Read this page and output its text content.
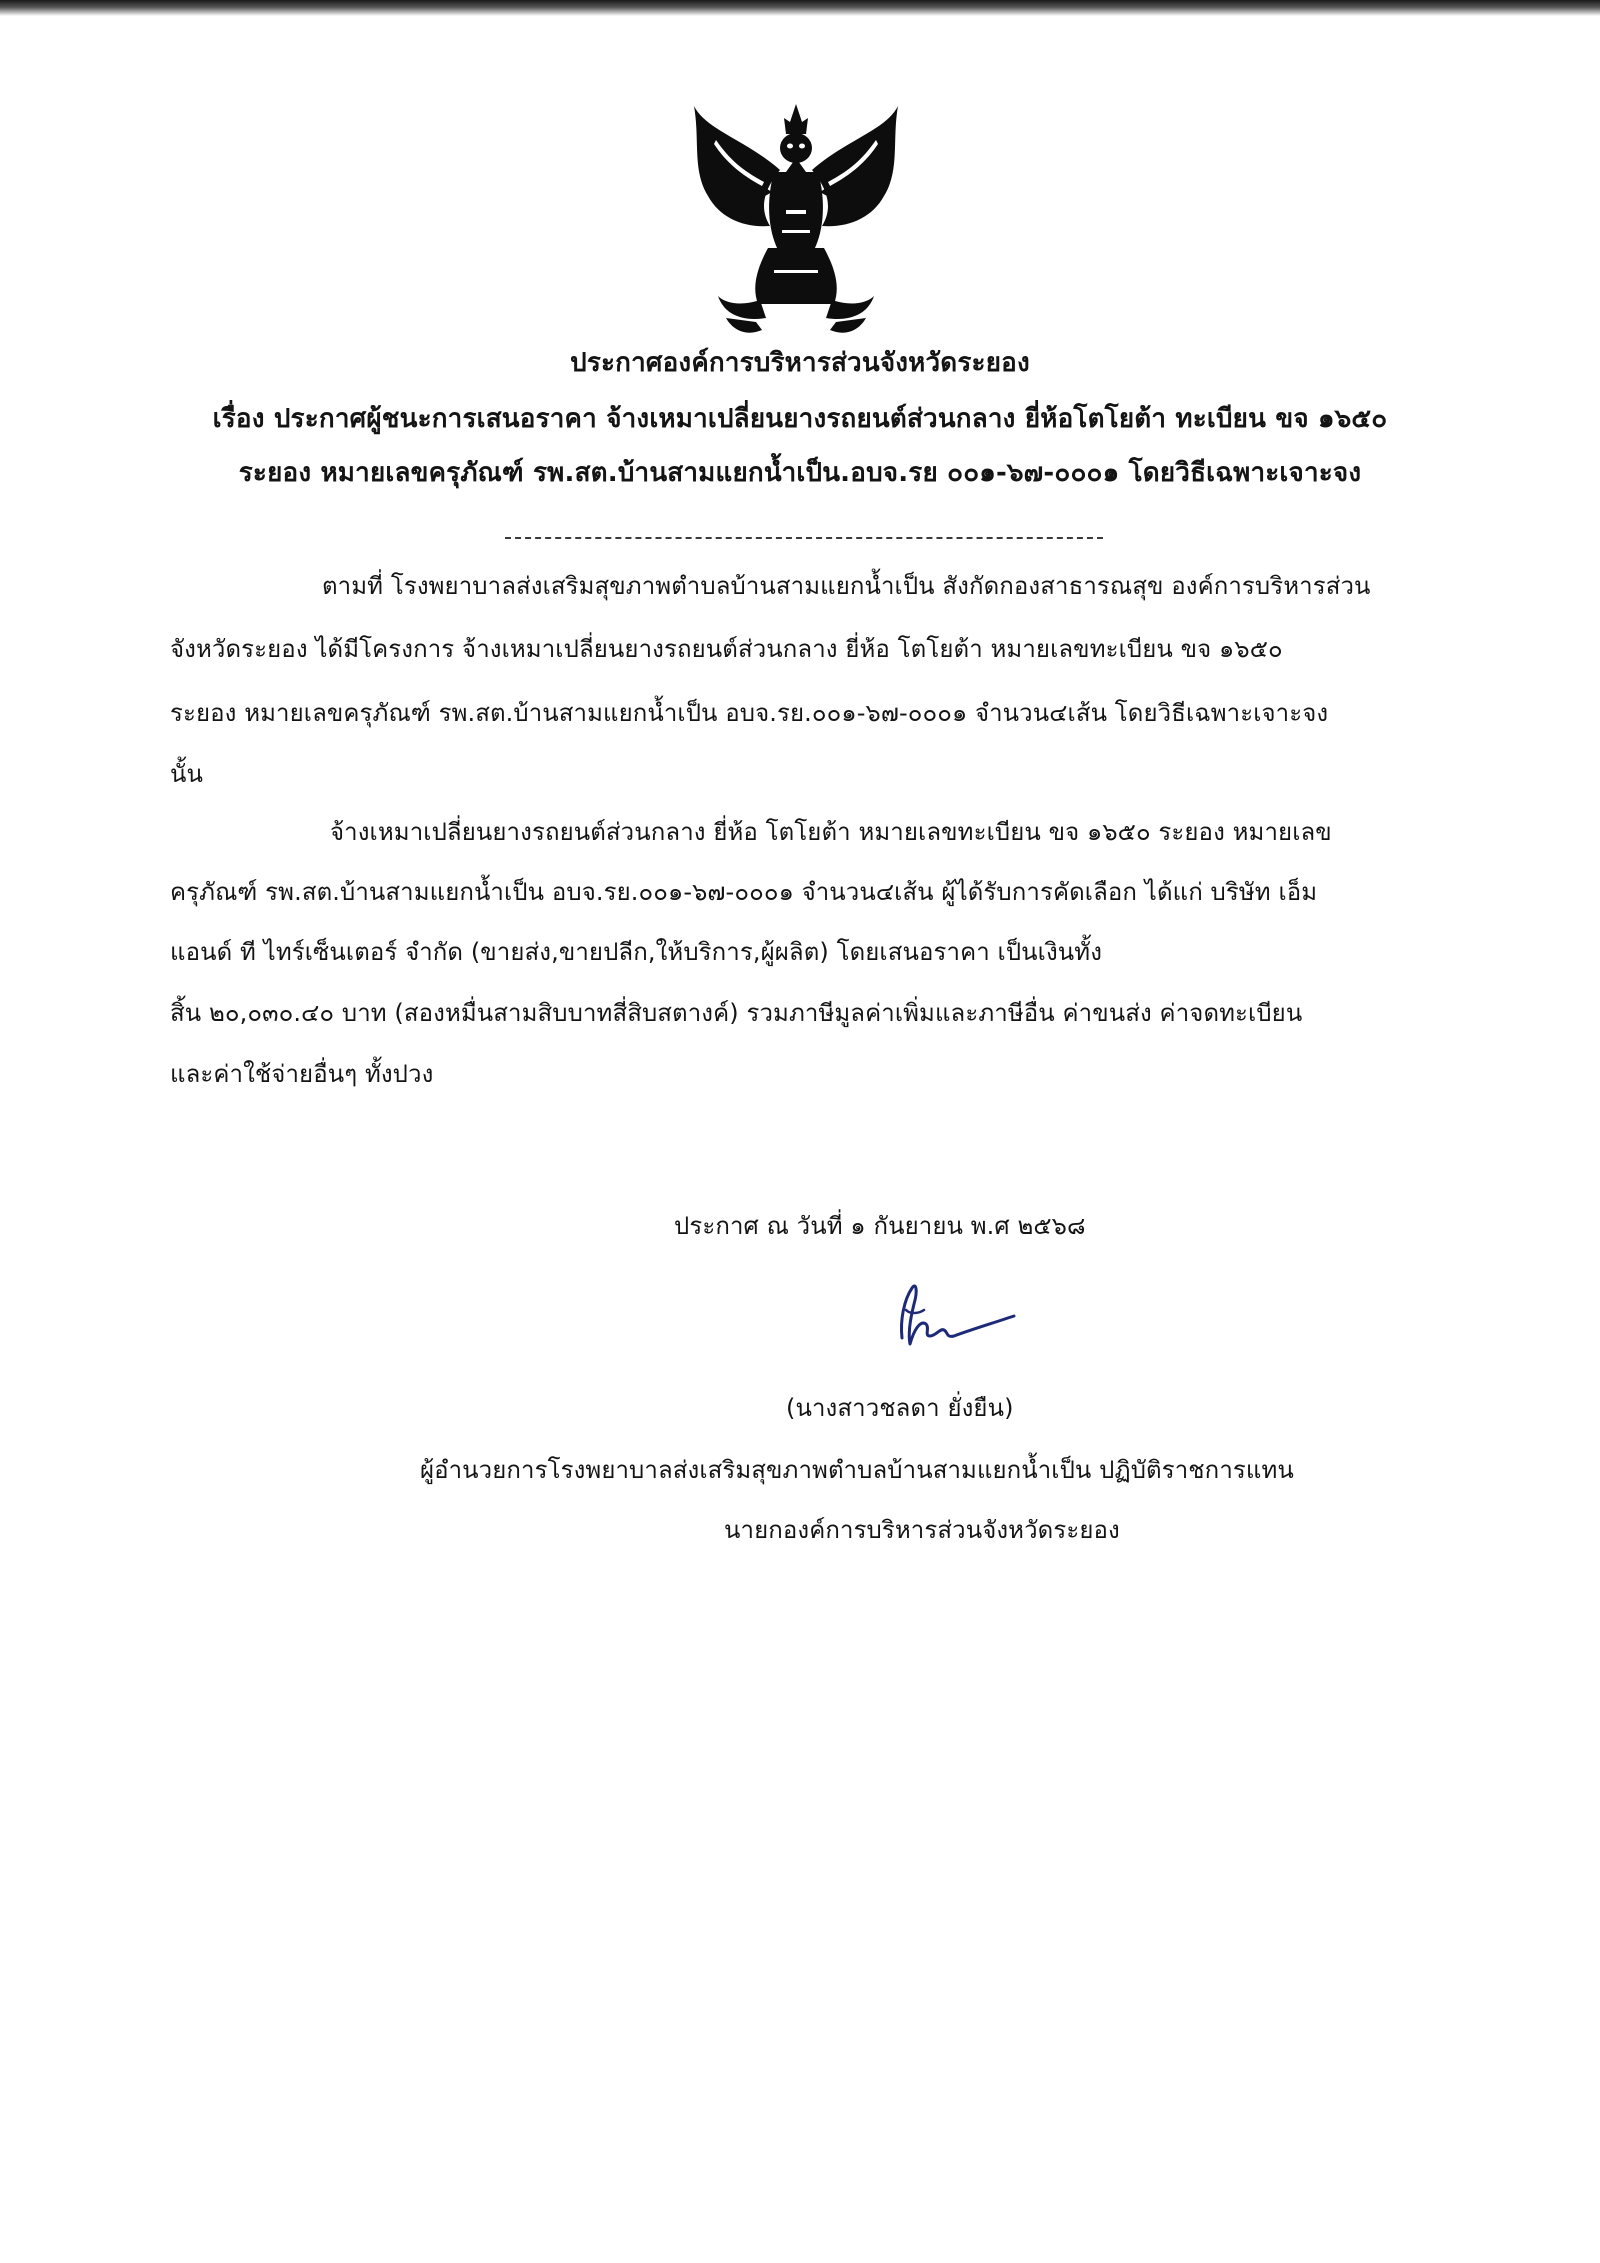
ประกาศองค์การบริหารส่วนจังหวัดระยอง
เรื่อง ประกาศผู้ชนะการเสนอราคา จ้างเหมาเปลี่ยนยางรถยนต์ส่วนกลาง ยี่ห้อโตโยต้า ทะเบียน ขจ ๑๖๕๐
ระยอง หมายเลขครุภัณฑ์ รพ.สต.บ้านสามแยกน้ำเป็น.อบจ.รย ๐๐๑-๖๗-๐๐๐๑ โดยวิธีเฉพาะเจาะจง
ตามที่ โรงพยาบาลส่งเสริมสุขภาพตำบลบ้านสามแยกน้ำเป็น สังกัดกองสาธารณสุข องค์การบริหารส่วน
จังหวัดระยอง ได้มีโครงการ จ้างเหมาเปลี่ยนยางรถยนต์ส่วนกลาง ยี่ห้อ โตโยต้า หมายเลขทะเบียน ขจ ๑๖๕๐
ระยอง หมายเลขครุภัณฑ์ รพ.สต.บ้านสามแยกน้ำเป็น อบจ.รย.๐๐๑-๖๗-๐๐๐๑ จำนวน๔เส้น โดยวิธีเฉพาะเจาะจง
นั้น
จ้างเหมาเปลี่ยนยางรถยนต์ส่วนกลาง ยี่ห้อ โตโยต้า หมายเลขทะเบียน ขจ ๑๖๕๐ ระยอง หมายเลข
ครุภัณฑ์ รพ.สต.บ้านสามแยกน้ำเป็น อบจ.รย.๐๐๑-๖๗-๐๐๐๑ จำนวน๔เส้น ผู้ได้รับการคัดเลือก ได้แก่ บริษัท เอ็ม
แอนด์ ที ไทร์เซ็นเตอร์ จำกัด (ขายส่ง,ขายปลีก,ให้บริการ,ผู้ผลิต) โดยเสนอราคา เป็นเงินทั้ง
สิ้น ๒๐,๐๓๐.๔๐ บาท (สองหมื่นสามสิบบาทสี่สิบสตางค์) รวมภาษีมูลค่าเพิ่มและภาษีอื่น ค่าขนส่ง ค่าจดทะเบียน
และค่าใช้จ่ายอื่นๆ ทั้งปวง
ประกาศ ณ วันที่ ๑ กันยายน พ.ศ ๒๕๖๘
(นางสาวชลดา ยั่งยืน)
ผู้อำนวยการโรงพยาบาลส่งเสริมสุขภาพตำบลบ้านสามแยกน้ำเป็น ปฏิบัติราชการแทน
นายกองค์การบริหารส่วนจังหวัดระยอง
